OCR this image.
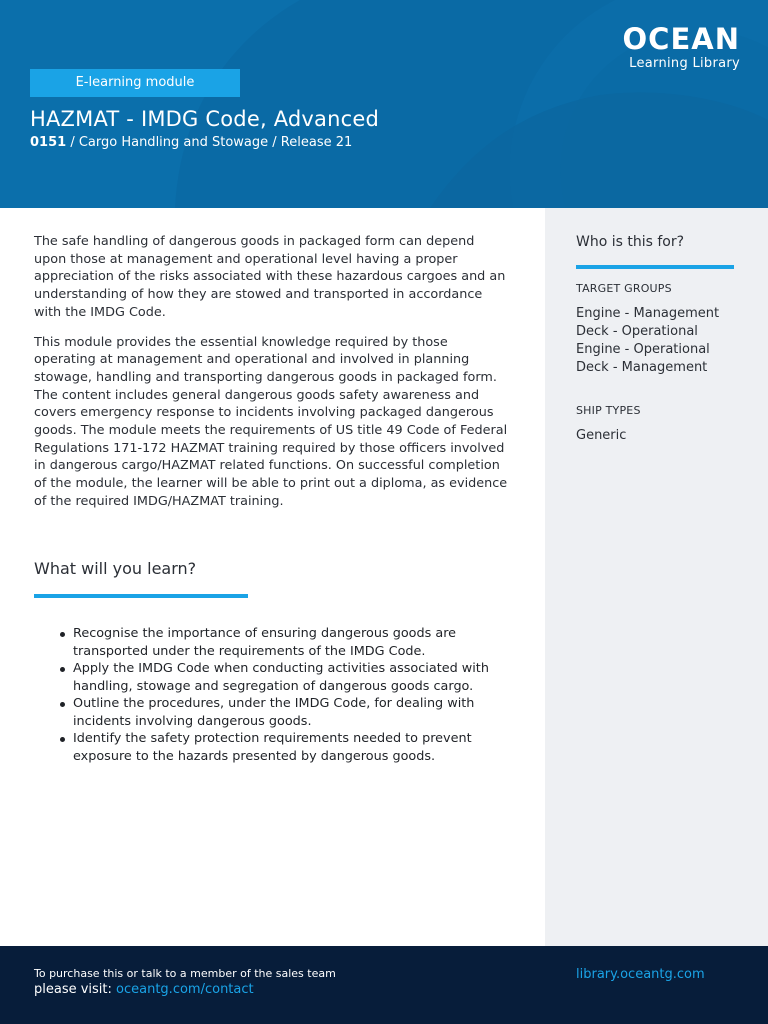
OCEAN
Learning Library
E-learning module
HAZMAT - IMDG Code, Advanced
0151 / Cargo Handling and Stowage / Release 21

The safe handling of dangerous goods in packaged form can depend upon those at management and operational level having a proper appreciation of the risks associated with these hazardous cargoes and an understanding of how they are stowed and transported in accordance with the IMDG Code.

This module provides the essential knowledge required by those operating at management and operational and involved in planning stowage, handling and transporting dangerous goods in packaged form. The content includes general dangerous goods safety awareness and covers emergency response to incidents involving packaged dangerous goods. The module meets the requirements of US title 49 Code of Federal Regulations 171-172 HAZMAT training required by those officers involved in dangerous cargo/HAZMAT related functions. On successful completion of the module, the learner will be able to print out a diploma, as evidence of the required IMDG/HAZMAT training.

What will you learn?
Recognise the importance of ensuring dangerous goods are transported under the requirements of the IMDG Code.
Apply the IMDG Code when conducting activities associated with handling, stowage and segregation of dangerous goods cargo.
Outline the procedures, under the IMDG Code, for dealing with incidents involving dangerous goods.
Identify the safety protection requirements needed to prevent exposure to the hazards presented by dangerous goods.
Who is this for?
TARGET GROUPS
Engine - Management
Deck - Operational
Engine - Operational
Deck - Management
SHIP TYPES
Generic
To purchase this or talk to a member of the sales team
please visit: oceantg.com/contact
library.oceantg.com
